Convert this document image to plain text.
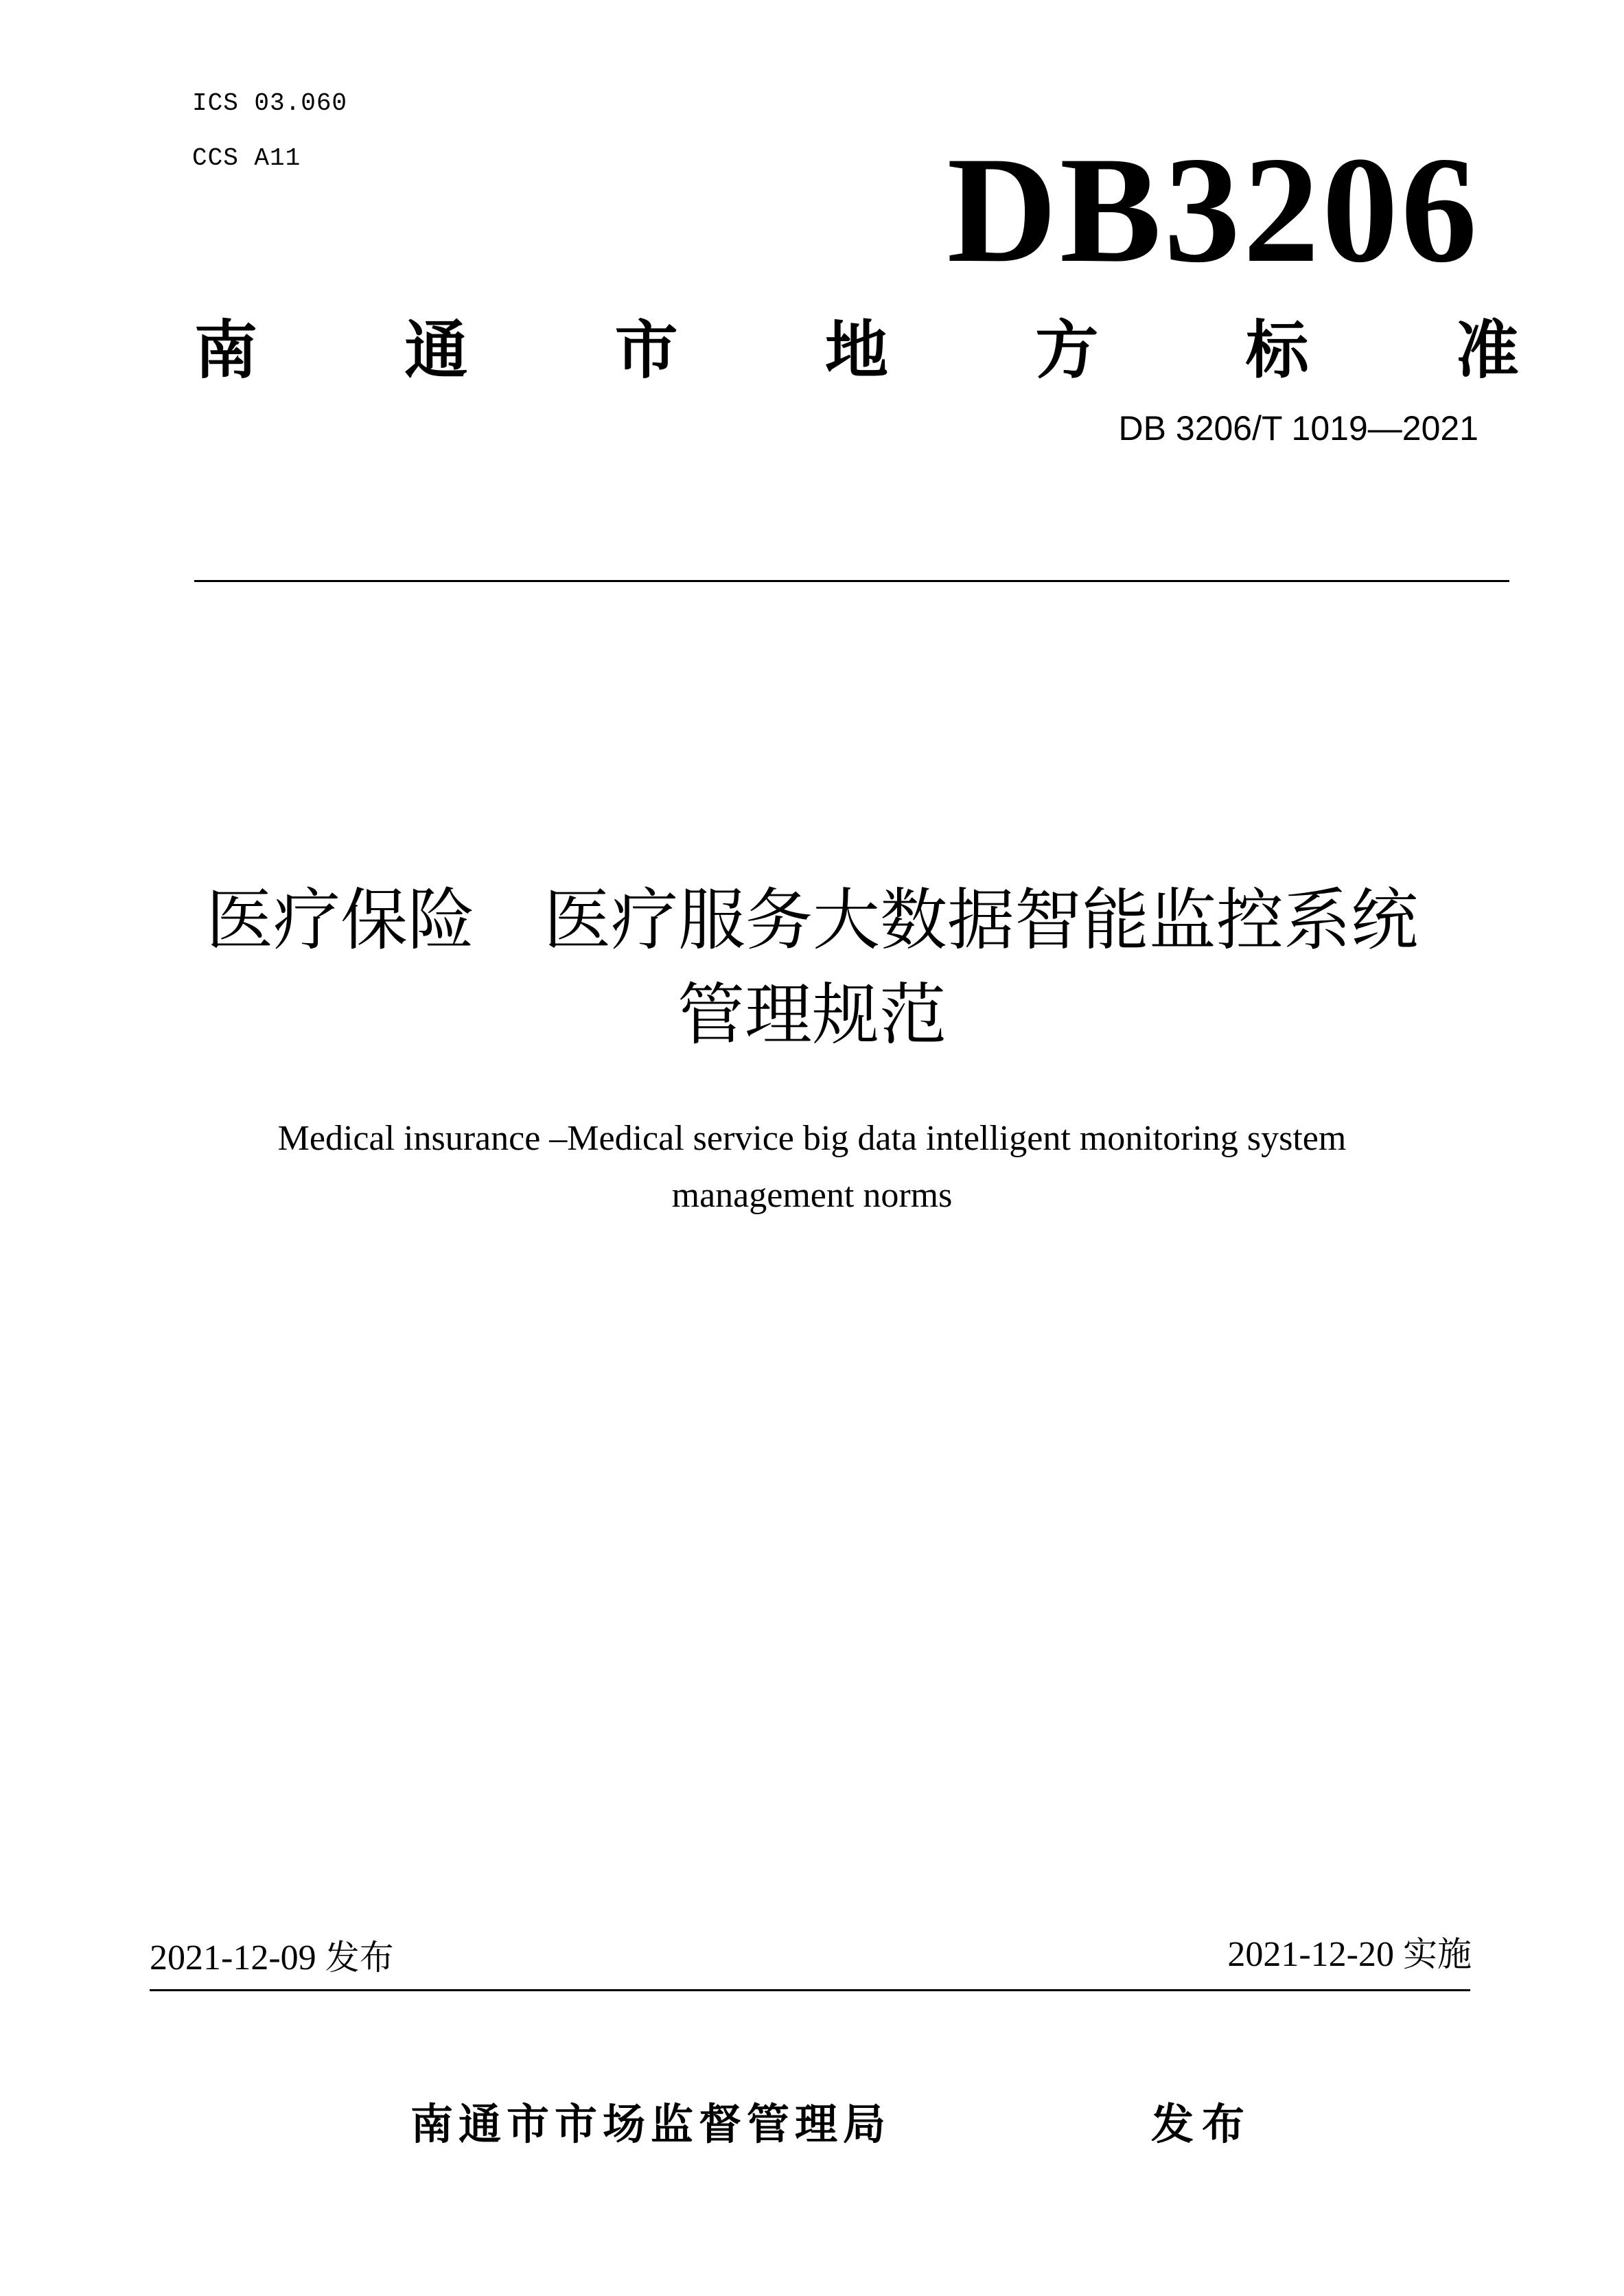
ICS 03.060
CCS A11	DB3206
南 通 市 地 方 标 准
DB 3206/T 1019—2021
医疗保险 医疗服务大数据智能监控系统
管理规范
Medical insurance –Medical service big data intelligent monitoring system
management norms
2021-12-09 发布	2021-12-20 实施
南通市市场监督管理局	发布
